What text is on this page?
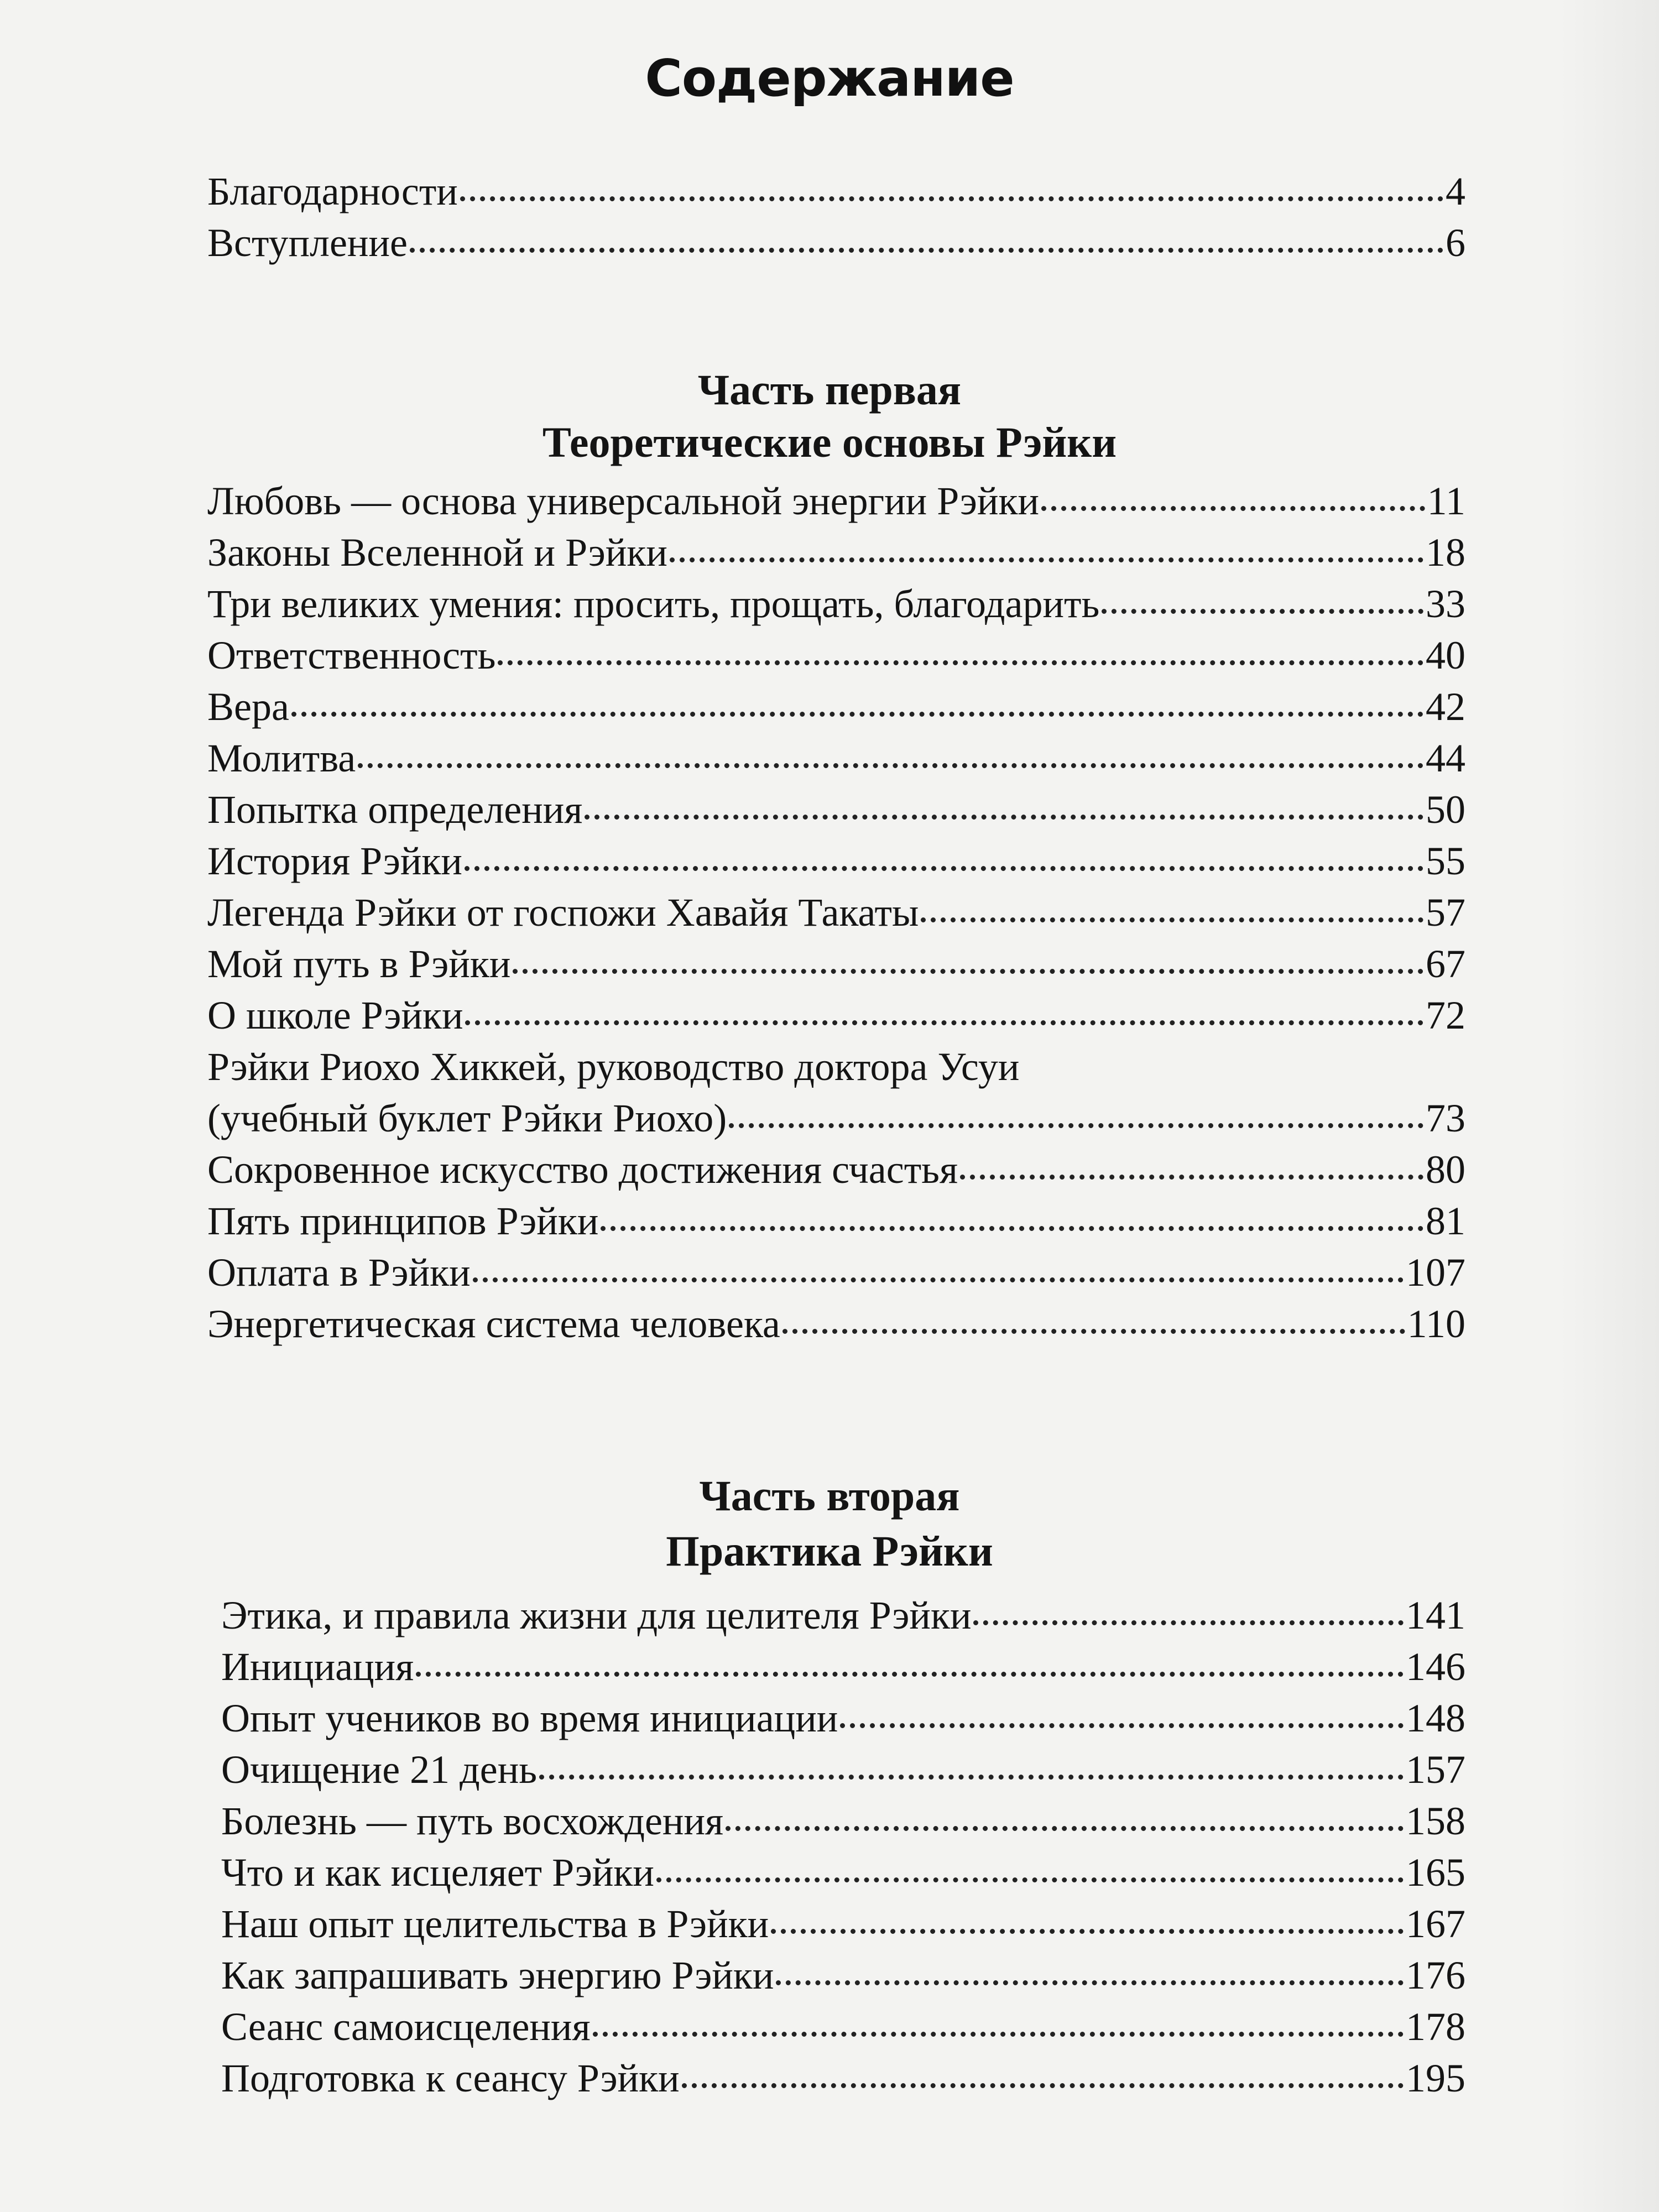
Содержание
Благодарности	4
Вступление	6
Часть первая
Теоретические основы Рэйки
Любовь — основа универсальной энергии Рэйки	11
Законы Вселенной и Рэйки	18
Три великих умения: просить, прощать, благодарить	33
Ответственность	40
Вера	42
Молитва	44
Попытка определения	50
История Рэйки	55
Легенда Рэйки от госпожи Хавайя Такаты	57
Мой путь в Рэйки	67
О школе Рэйки	72
Рэйки Риохо Хиккей, руководство доктора Усуи
(учебный буклет Рэйки Риохо)	73
Сокровенное искусство достижения счастья	80
Пять принципов Рэйки	81
Оплата в Рэйки	107
Энергетическая система человека	110
Часть вторая
Практика Рэйки
Этика, и правила жизни для целителя Рэйки	141
Инициация	146
Опыт учеников во время инициации	148
Очищение 21 день	157
Болезнь — путь восхождения	158
Что и как исцеляет Рэйки	165
Наш опыт целительства в Рэйки	167
Как запрашивать энергию Рэйки	176
Сеанс самоисцеления	178
Подготовка к сеансу Рэйки	195
